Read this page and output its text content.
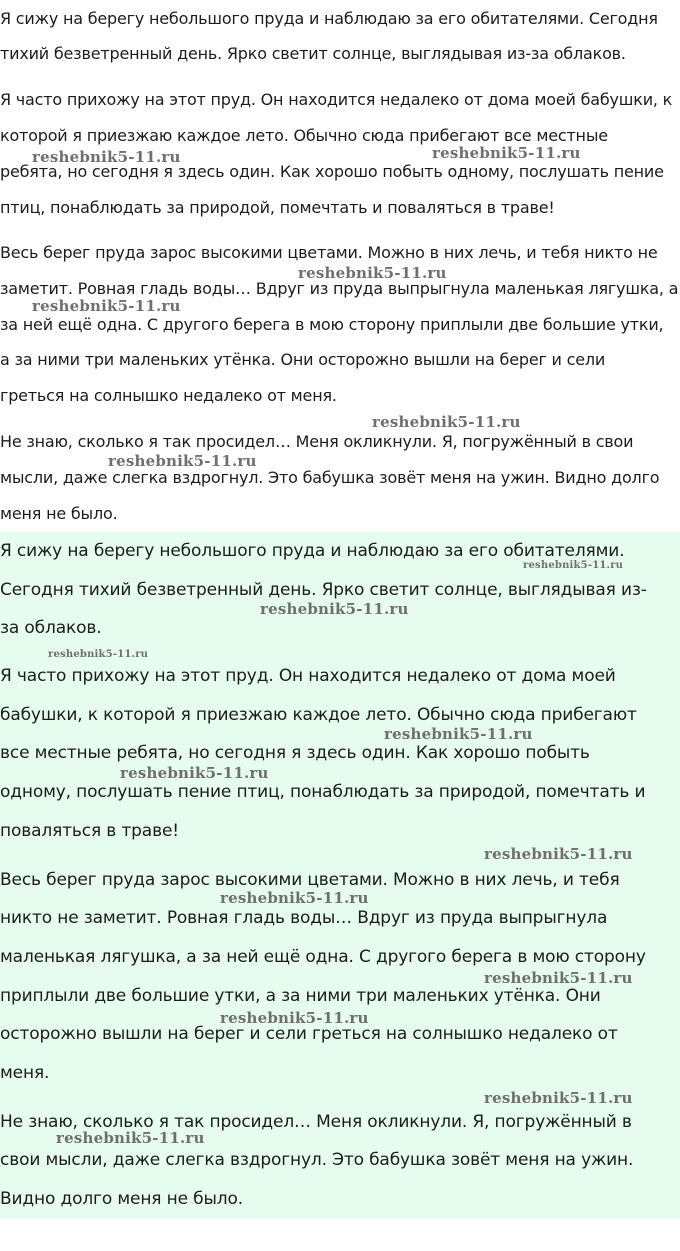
Я сижу на берегу небольшого пруда и наблюдаю за его обитателями. Сегодня
тихий безветренный день. Ярко светит солнце, выглядывая из-за облаков.
Я часто прихожу на этот пруд. Он находится недалеко от дома моей бабушки, к
которой я приезжаю каждое лето. Обычно сюда прибегают все местные
ребята, но сегодня я здесь один. Как хорошо побыть одному, послушать пение
птиц, понаблюдать за природой, помечтать и поваляться в траве!
Весь берег пруда зарос высокими цветами. Можно в них лечь, и тебя никто не
заметит. Ровная гладь воды… Вдруг из пруда выпрыгнула маленькая лягушка, а
за ней ещё одна. С другого берега в мою сторону приплыли две большие утки,
а за ними три маленьких утёнка. Они осторожно вышли на берег и сели
греться на солнышко недалеко от меня.
Не знаю, сколько я так просидел… Меня окликнули. Я, погружённый в свои
мысли, даже слегка вздрогнул. Это бабушка зовёт меня на ужин. Видно долго
меня не было.
reshebnik5-11.ru	reshebnik5-11.ru
reshebnik5-11.ru
reshebnik5-11.ru
reshebnik5-11.ru
reshebnik5-11.ru
Я сижу на берегу небольшого пруда и наблюдаю за его обитателями.
Сегодня тихий безветренный день. Ярко светит солнце, выглядывая из-
за облаков.
Я часто прихожу на этот пруд. Он находится недалеко от дома моей
бабушки, к которой я приезжаю каждое лето. Обычно сюда прибегают
все местные ребята, но сегодня я здесь один. Как хорошо побыть
одному, послушать пение птиц, понаблюдать за природой, помечтать и
поваляться в траве!
Весь берег пруда зарос высокими цветами. Можно в них лечь, и тебя
никто не заметит. Ровная гладь воды… Вдруг из пруда выпрыгнула
маленькая лягушка, а за ней ещё одна. С другого берега в мою сторону
приплыли две большие утки, а за ними три маленьких утёнка. Они
осторожно вышли на берег и сели греться на солнышко недалеко от
меня.
Не знаю, сколько я так просидел… Меня окликнули. Я, погружённый в
свои мысли, даже слегка вздрогнул. Это бабушка зовёт меня на ужин.
Видно долго меня не было.
reshebnik5-11.ru
reshebnik5-11.ru
reshebnik5-11.ru
reshebnik5-11.ru
reshebnik5-11.ru
reshebnik5-11.ru
reshebnik5-11.ru
reshebnik5-11.ru
reshebnik5-11.ru
reshebnik5-11.ru
reshebnik5-11.ru
